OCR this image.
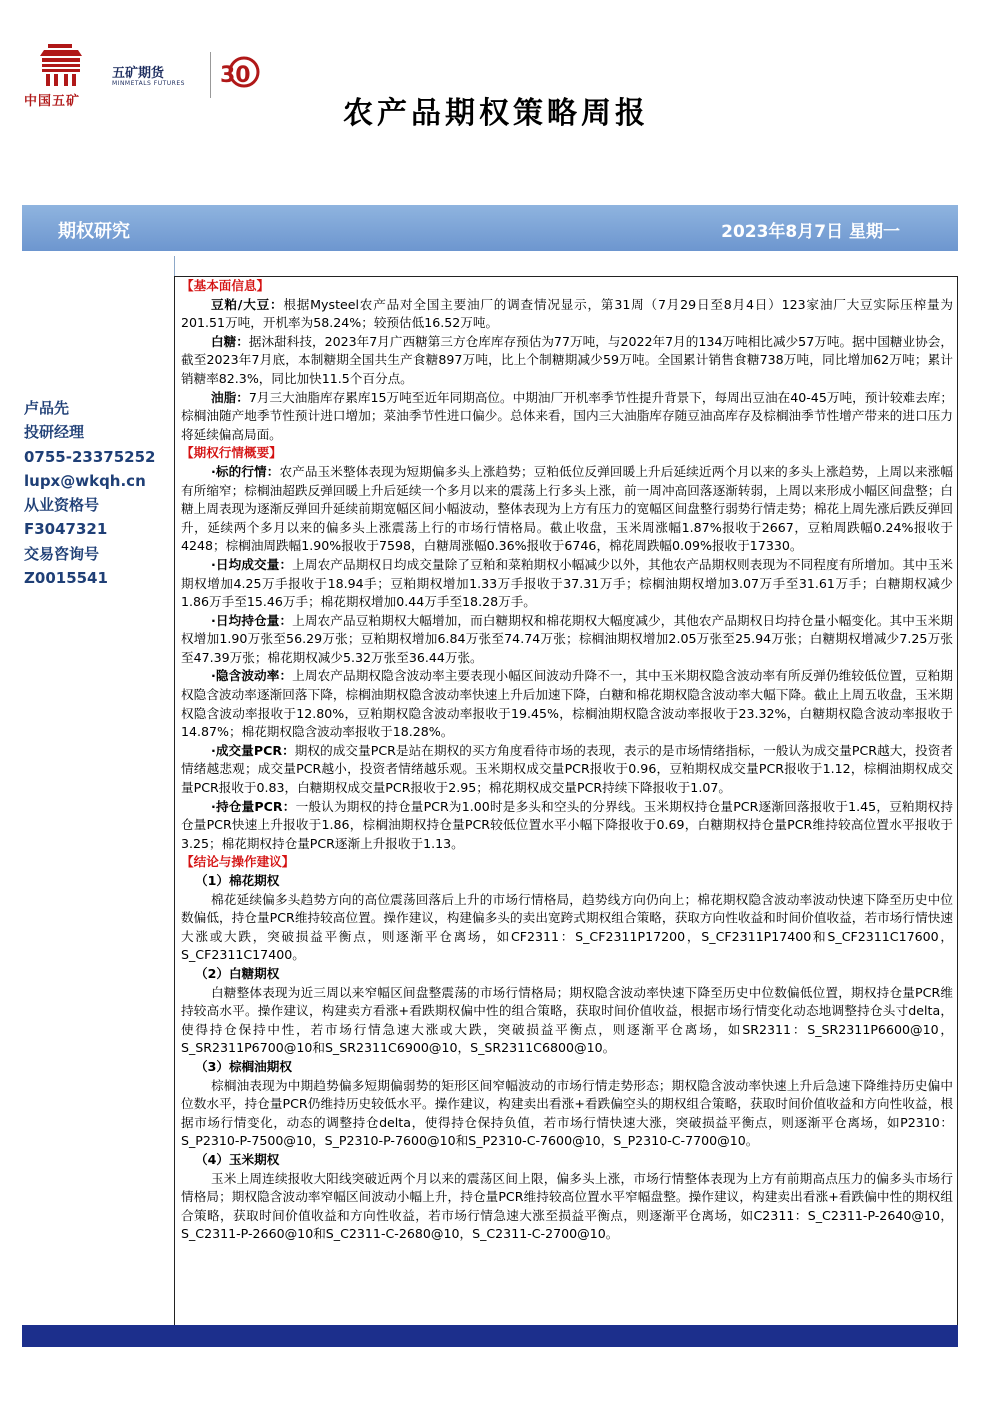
中国五矿
五矿期货
MINMETALS FUTURES 30
农产品期权策略周报
期权研究	2023年8月7日 星期一
卢品先
投研经理
0755-23375252
lupx@wkqh.cn
从业资格号
F3047321
交易咨询号
Z0015541

【基本面信息】

豆粕/大豆：根据Mysteel农产品对全国主要油厂的调查情况显示，第31周（7月29日至8月4日）123家油厂大豆实际压榨量为201.51万吨，开机率为58.24%；较预估低16.52万吨。

白糖：据沐甜科技，2023年7月广西糖第三方仓库库存预估为77万吨，与2022年7月的134万吨相比减少57万吨。据中国糖业协会，截至2023年7月底，本制糖期全国共生产食糖897万吨，比上个制糖期减少59万吨。全国累计销售食糖738万吨，同比增加62万吨；累计销糖率82.3%，同比加快11.5个百分点。

油脂：7月三大油脂库存累库15万吨至近年同期高位。中期油厂开机率季节性提升背景下，每周出豆油在40-45万吨，预计较难去库；棕榈油随产地季节性预计进口增加；菜油季节性进口偏少。总体来看，国内三大油脂库存随豆油高库存及棕榈油季节性增产带来的进口压力将延续偏高局面。

【期权行情概要】

·标的行情：农产品玉米整体表现为短期偏多头上涨趋势；豆粕低位反弹回暖上升后延续近两个月以来的多头上涨趋势，上周以来涨幅有所缩窄；棕榈油超跌反弹回暖上升后延续一个多月以来的震荡上行多头上涨，前一周冲高回落逐渐转弱，上周以来形成小幅区间盘整；白糖上周表现为逐渐反弹回升延续前期宽幅区间小幅波动，整体表现为上方有压力的宽幅区间盘整行弱势行情走势；棉花上周先涨后跌反弹回升，延续两个多月以来的偏多头上涨震荡上行的市场行情格局。截止收盘，玉米周涨幅1.87%报收于2667，豆粕周跌幅0.24%报收于4248；棕榈油周跌幅1.90%报收于7598，白糖周涨幅0.36%报收于6746，棉花周跌幅0.09%报收于17330。

·日均成交量：上周农产品期权日均成交量除了豆粕和菜粕期权小幅减少以外，其他农产品期权则表现为不同程度有所增加。其中玉米期权增加4.25万手报收于18.94手；豆粕期权增加1.33万手报收于37.31万手；棕榈油期权增加3.07万手至31.61万手；白糖期权减少1.86万手至15.46万手；棉花期权增加0.44万手至18.28万手。

·日均持仓量：上周农产品豆粕期权大幅增加，而白糖期权和棉花期权大幅度减少，其他农产品期权日均持仓量小幅变化。其中玉米期权增加1.90万张至56.29万张；豆粕期权增加6.84万张至74.74万张；棕榈油期权增加2.05万张至25.94万张；白糖期权增减少7.25万张至47.39万张；棉花期权减少5.32万张至36.44万张。

·隐含波动率：上周农产品期权隐含波动率主要表现小幅区间波动升降不一，其中玉米期权隐含波动率有所反弹仍维较低位置，豆粕期权隐含波动率逐渐回落下降，棕榈油期权隐含波动率快速上升后加速下降，白糖和棉花期权隐含波动率大幅下降。截止上周五收盘，玉米期权隐含波动率报收于12.80%，豆粕期权隐含波动率报收于19.45%，棕榈油期权隐含波动率报收于23.32%，白糖期权隐含波动率报收于14.87%；棉花期权隐含波动率报收于18.28%。

·成交量PCR：期权的成交量PCR是站在期权的买方角度看待市场的表现，表示的是市场情绪指标，一般认为成交量PCR越大，投资者情绪越悲观；成交量PCR越小，投资者情绪越乐观。玉米期权成交量PCR报收于0.96，豆粕期权成交量PCR报收于1.12，棕榈油期权成交量PCR报收于0.83，白糖期权成交量PCR报收于2.95；棉花期权成交量PCR持续下降报收于1.07。

·持仓量PCR：一般认为期权的持仓量PCR为1.00时是多头和空头的分界线。玉米期权持仓量PCR逐渐回落报收于1.45，豆粕期权持仓量PCR快速上升报收于1.86，棕榈油期权持仓量PCR较低位置水平小幅下降报收于0.69，白糖期权持仓量PCR维持较高位置水平报收于3.25；棉花期权持仓量PCR逐渐上升报收于1.13。

【结论与操作建议】

（1）棉花期权

棉花延续偏多头趋势方向的高位震荡回落后上升的市场行情格局，趋势线方向仍向上；棉花期权隐含波动率波动快速下降至历史中位数偏低，持仓量PCR维持较高位置。操作建议，构建偏多头的卖出宽跨式期权组合策略，获取方向性收益和时间价值收益，若市场行情快速大涨或大跌，突破损益平衡点，则逐渐平仓离场，如CF2311：S_CF2311P17200，S_CF2311P17400和S_CF2311C17600，S_CF2311C17400。

（2）白糖期权

白糖整体表现为近三周以来窄幅区间盘整震荡的市场行情格局；期权隐含波动率快速下降至历史中位数偏低位置，期权持仓量PCR维持较高水平。操作建议，构建卖方看涨+看跌期权偏中性的组合策略，获取时间价值收益，根据市场行情变化动态地调整持仓头寸delta，使得持仓保持中性，若市场行情急速大涨或大跌，突破损益平衡点，则逐渐平仓离场，如SR2311：S_SR2311P6600@10，S_SR2311P6700@10和S_SR2311C6900@10，S_SR2311C6800@10。

（3）棕榈油期权

棕榈油表现为中期趋势偏多短期偏弱势的矩形区间窄幅波动的市场行情走势形态；期权隐含波动率快速上升后急速下降维持历史偏中位数水平，持仓量PCR仍维持历史较低水平。操作建议，构建卖出看涨+看跌偏空头的期权组合策略，获取时间价值收益和方向性收益，根据市场行情变化，动态的调整持仓delta，使得持仓保持负值，若市场行情快速大涨，突破损益平衡点，则逐渐平仓离场，如P2310：S_P2310-P-7500@10，S_P2310-P-7600@10和S_P2310-C-7600@10，S_P2310-C-7700@10。

（4）玉米期权

玉米上周连续报收大阳线突破近两个月以来的震荡区间上限，偏多头上涨，市场行情整体表现为上方有前期高点压力的偏多头市场行情格局；期权隐含波动率窄幅区间波动小幅上升，持仓量PCR维持较高位置水平窄幅盘整。操作建议，构建卖出看涨+看跌偏中性的期权组合策略，获取时间价值收益和方向性收益，若市场行情急速大涨至损益平衡点，则逐渐平仓离场，如C2311：S_C2311-P-2640@10，S_C2311-P-2660@10和S_C2311-C-2680@10，S_C2311-C-2700@10。
